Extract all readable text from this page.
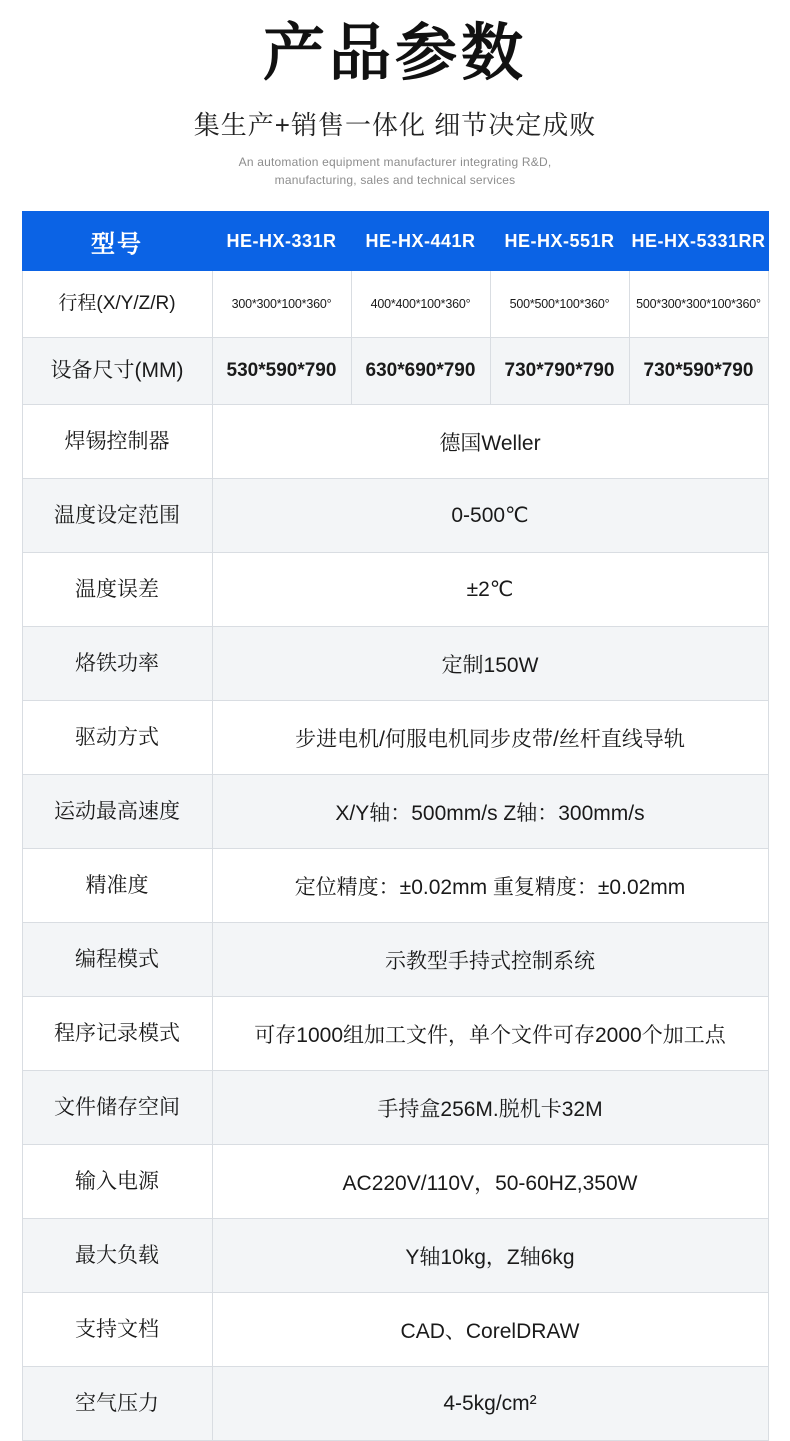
产品参数
集生产+销售一体化 细节决定成败
An automation equipment manufacturer integrating R&D,
manufacturing, sales and technical services
型号	HE-HX-331R	HE-HX-441R	HE-HX-551R	HE-HX-5331RR
行程(X/Y/Z/R)	300*300*100*360°	400*400*100*360°	500*500*100*360°	500*300*300*100*360°
设备尺寸(MM)	530*590*790	630*690*790	730*790*790	730*590*790
焊锡控制器	德国Weller			
温度设定范围	0-500℃			
温度误差	±2℃			
烙铁功率	定制150W			
驱动方式	步进电机/何服电机同步皮带/丝杆直线导轨			
运动最高速度	X/Y轴：500mm/s Z轴：300mm/s			
精准度	定位精度：±0.02mm 重复精度：±0.02mm			
编程模式	示教型手持式控制系统			
程序记录模式	可存1000组加工文件，单个文件可存2000个加工点			
文件储存空间	手持盒256M.脱机卡32M			
输入电源	AC220V/110V，50-60HZ,350W			
最大负载	Y轴10kg，Z轴6kg			
支持文档	CAD、CorelDRAW			
空气压力	4-5kg/cm²			
